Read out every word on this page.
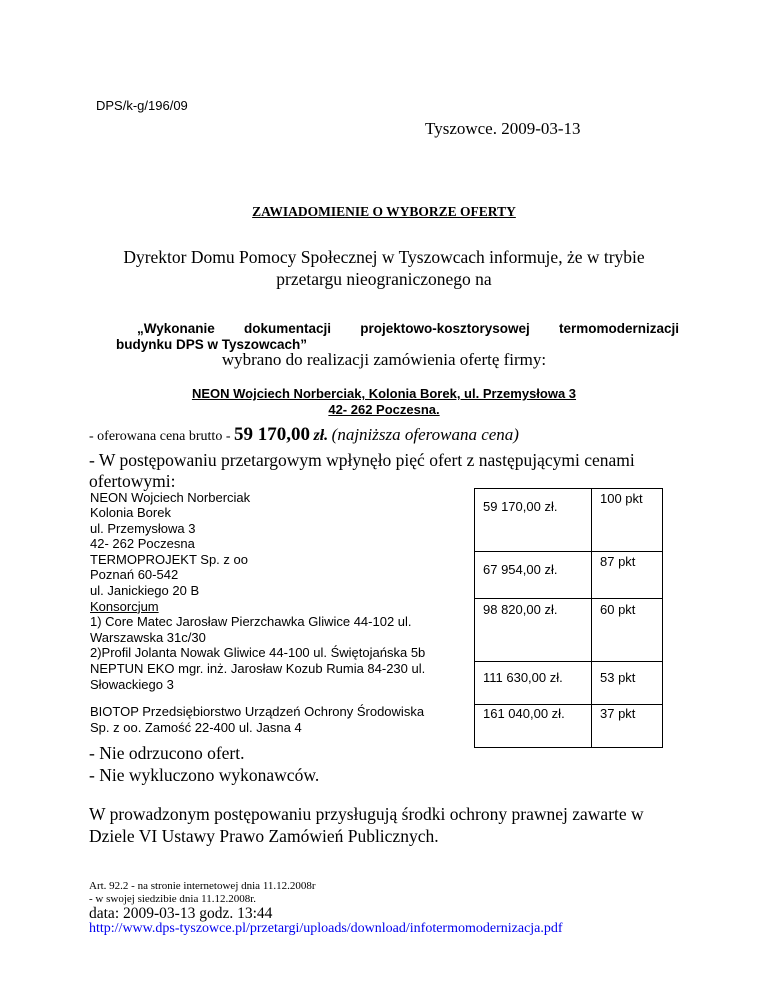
DPS/k-g/196/09
Tyszowce. 2009-03-13
ZAWIADOMIENIE O WYBORZE OFERTY
Dyrektor Domu Pomocy Społecznej w Tyszowcach informuje, że w trybie
przetargu nieograniczonego na
„Wykonanie dokumentacji projektowo-kosztorysowej termomodernizacji
budynku DPS w Tyszowcach”
wybrano do realizacji zamówienia ofertę firmy:
NEON Wojciech Norberciak, Kolonia Borek, ul. Przemysłowa 3
42- 262 Poczesna.
- oferowana cena brutto - 59 170,00 zł. (najniższa oferowana cena)
- W postępowaniu przetargowym wpłynęło pięć ofert z następującymi cenami
ofertowymi:
NEON Wojciech Norberciak
Kolonia Borek
ul. Przemysłowa 3
42- 262 Poczesna	59 170,00 zł.	100 pkt

TERMOPROJEKT Sp. z oo
Poznań 60-542
ul. Janickiego 20 B	67 954,00 zł.	87 pkt

Konsorcjum
1) Core Matec Jarosław Pierzchawka Gliwice 44-102 ul.
Warszawska 31c/30
2)Profil Jolanta Nowak Gliwice 44-100 ul. Świętojańska 5b	98 820,00 zł.	60 pkt

NEPTUN EKO mgr. inż. Jarosław Kozub Rumia 84-230 ul.
Słowackiego 3	111 630,00 zł.	53 pkt

BIOTOP Przedsiębiorstwo Urządzeń Ochrony Środowiska
Sp. z oo. Zamość 22-400 ul. Jasna 4	161 040,00 zł.	37 pkt
- Nie odrzucono ofert.
- Nie wykluczono wykonawców.
W prowadzonym postępowaniu przysługują środki ochrony prawnej zawarte w
Dziele VI Ustawy Prawo Zamówień Publicznych.
Art. 92.2 - na stronie internetowej dnia 11.12.2008r
- w swojej siedzibie dnia 11.12.2008r.
data: 2009-03-13 godz. 13:44
http://www.dps-tyszowce.pl/przetargi/uploads/download/infotermomodernizacja.pdf
